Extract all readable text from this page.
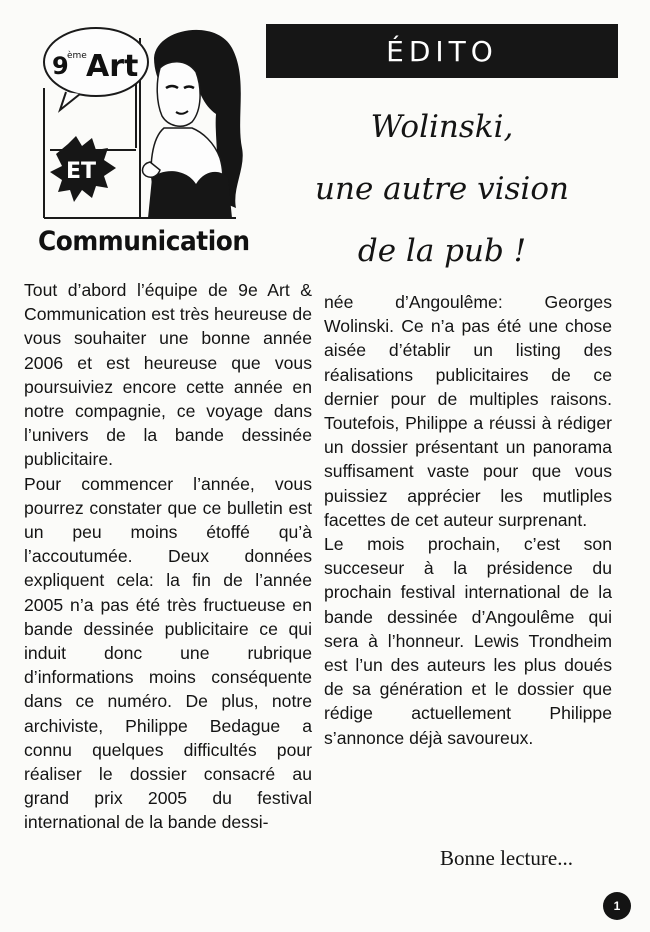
9
ème Art
ET
Communication
ÉDITO
Wolinski,
une autre vision
de la pub !

Tout d’abord l’équipe de 9e Art & Communication est très heureuse de vous souhaiter une bonne année 2006 et est heureuse que vous poursuiviez encore cette année en notre compagnie, ce voyage dans l’univers de la bande dessinée publicitaire.

Pour commencer l’année, vous pourrez constater que ce bulletin est un peu moins étoffé qu’à l’accoutumée. Deux données expliquent cela: la fin de l’année 2005 n’a pas été très fructueuse en bande dessinée publicitaire ce qui induit donc une rubrique d’informations moins conséquente dans ce numéro. De plus, notre archiviste, Philippe Bedague a connu quelques difficultés pour réaliser le dossier consacré au grand prix 2005 du festival international de la bande dessi-

née d’Angoulême: Georges Wolinski. Ce n’a pas été une chose aisée d’établir un listing des réalisations publicitaires de ce dernier pour de multiples raisons. Toutefois, Philippe a réussi à rédiger un dossier présentant un panorama suffisament vaste pour que vous puissiez apprécier les mutliples facettes de cet auteur surprenant.

Le mois prochain, c’est son succeseur à la présidence du prochain festival international de la bande dessinée d’Angoulême qui sera à l’honneur. Lewis Trondheim est l’un des auteurs les plus doués de sa génération et le dossier que rédige actuellement Philippe s’annonce déjà savoureux.

Bonne lecture...
1
